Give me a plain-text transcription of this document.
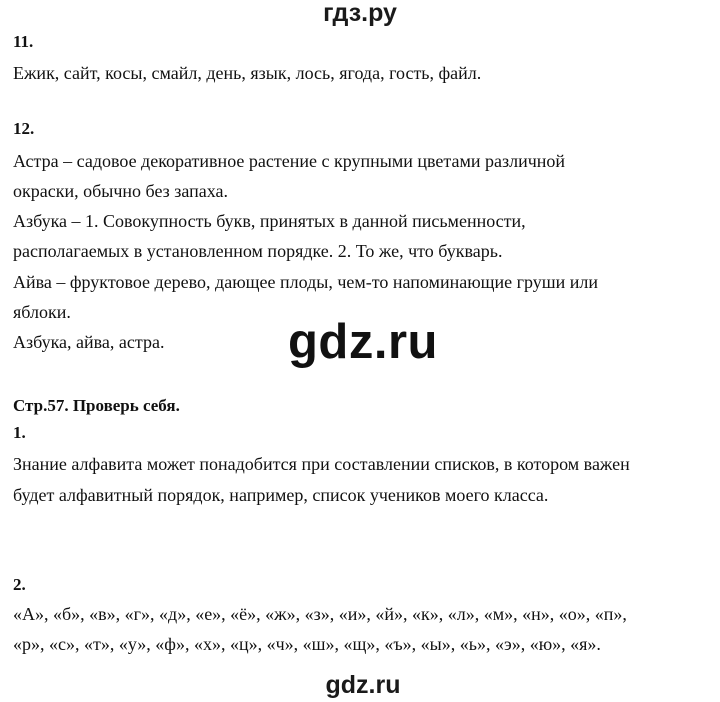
гдз.ру
11.
Ежик, сайт, косы, смайл, день, язык, лось, ягода, гость, файл.
12.
Астра – садовое декоративное растение с крупными цветами различной
окраски, обычно без запаха.
Азбука – 1. Совокупность букв, принятых в данной письменности,
располагаемых в установленном порядке. 2. То же, что букварь.
Айва – фруктовое дерево, дающее плоды, чем-то напоминающие груши или
яблоки.
Азбука, айва, астра.	gdz.ru
Стр.57. Проверь себя.
1.
Знание алфавита может понадобится при составлении списков, в котором важен
будет алфавитный порядок, например, список учеников моего класса.
2.
«А», «б», «в», «г», «д», «е», «ё», «ж», «з», «и», «й», «к», «л», «м», «н», «о», «п»,
«р», «с», «т», «у», «ф», «х», «ц», «ч», «ш», «щ», «ъ», «ы», «ь», «э», «ю», «я».
gdz.ru
